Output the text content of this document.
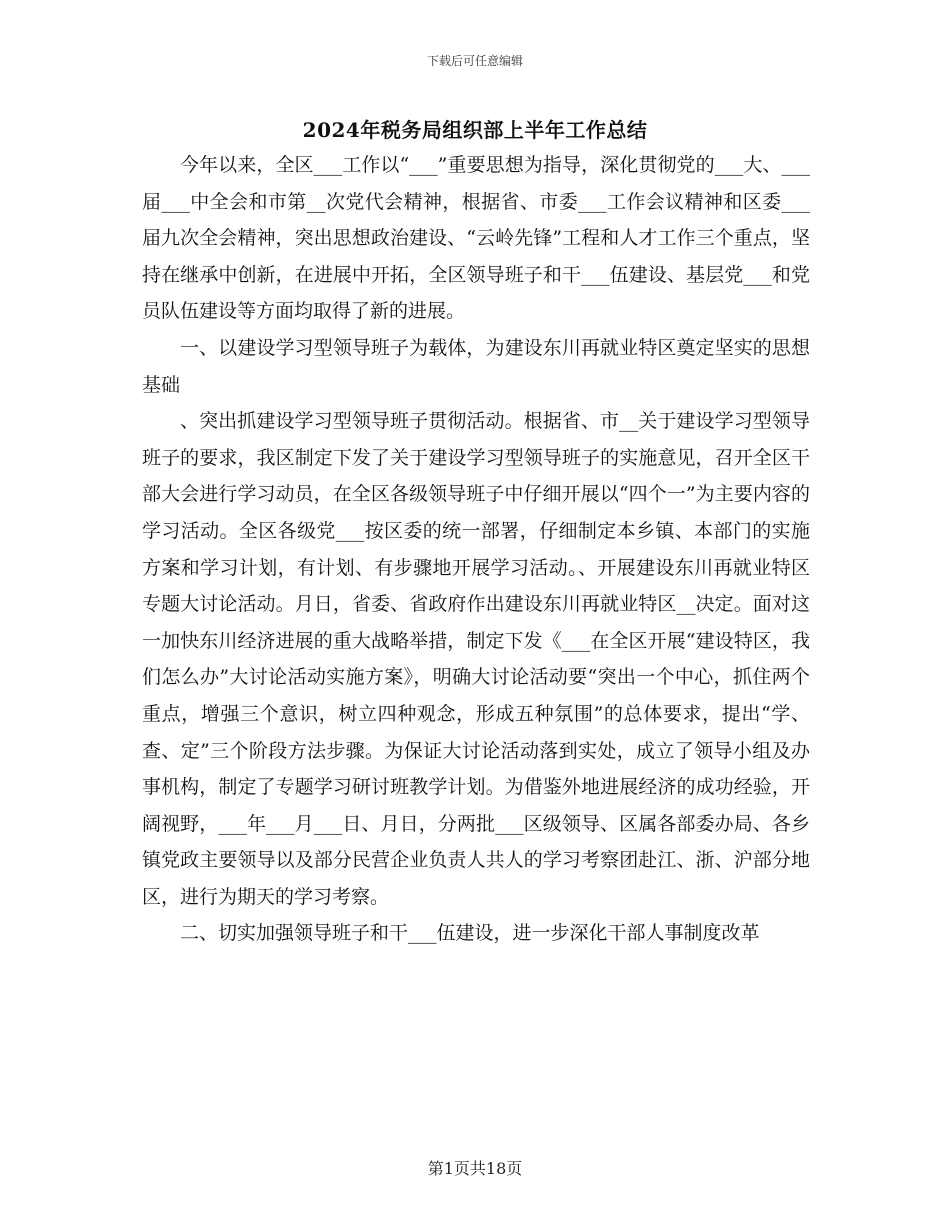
下载后可任意编辑
2024年税务局组织部上半年工作总结

今年以来，全区___工作以“___”重要思想为指导，深化贯彻党的___大、___届___中全会和市第__次党代会精神，根据省、市委___工作会议精神和区委___届九次全会精神，突出思想政治建设、“云岭先锋”工程和人才工作三个重点，坚持在继承中创新，在进展中开拓，全区领导班子和干___伍建设、基层党___和党员队伍建设等方面均取得了新的进展。

一、以建设学习型领导班子为载体，为建设东川再就业特区奠定坚实的思想基础

、突出抓建设学习型领导班子贯彻活动。根据省、市__关于建设学习型领导班子的要求，我区制定下发了关于建设学习型领导班子的实施意见，召开全区干部大会进行学习动员，在全区各级领导班子中仔细开展以“四个一”为主要内容的学习活动。全区各级党___按区委的统一部署，仔细制定本乡镇、本部门的实施方案和学习计划，有计划、有步骤地开展学习活动。、开展建设东川再就业特区专题大讨论活动。月日，省委、省政府作出建设东川再就业特区__决定。面对这一加快东川经济进展的重大战略举措，制定下发《___在全区开展“建设特区，我们怎么办”大讨论活动实施方案》，明确大讨论活动要“突出一个中心，抓住两个重点，增强三个意识，树立四种观念，形成五种氛围”的总体要求，提出“学、查、定”三个阶段方法步骤。为保证大讨论活动落到实处，成立了领导小组及办事机构，制定了专题学习研讨班教学计划。为借鉴外地进展经济的成功经验，开阔视野，___年___月___日、月日，分两批___区级领导、区属各部委办局、各乡镇党政主要领导以及部分民营企业负责人共人的学习考察团赴江、浙、沪部分地区，进行为期天的学习考察。

二、切实加强领导班子和干___伍建设，进一步深化干部人事制度改革

第1页共18页
